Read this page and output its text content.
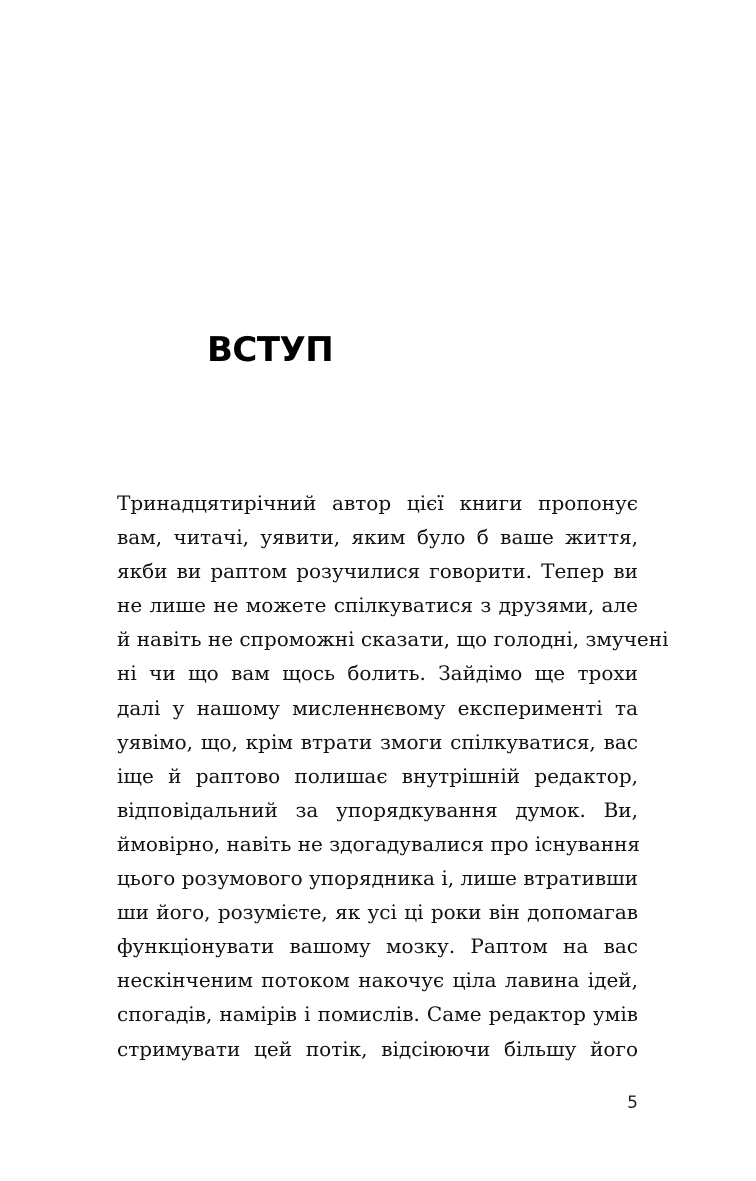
ВСТУП
Тринадцятирічний автор цієї книги пропонує
вам, читачі, уявити, яким було б ваше життя,
якби ви раптом розучилися говорити. Тепер ви
не лише не можете спілкуватися з друзями, але
й навіть не спроможні сказати, що голодні, змучені
ні чи що вам щось болить. Зайдімо ще трохи
далі у нашому мисленнєвому експерименті та
уявімо, що, крім втрати змоги спілкуватися, вас
іще й раптово полишає внутрішній редактор,
відповідальний за упорядкування думок. Ви,
ймовірно, навіть не здогадувалися про існування
цього розумового упорядника і, лише втративши
ши його, розумієте, як усі ці роки він допомагав
функціонувати вашому мозку. Раптом на вас
нескінченим потоком накочує ціла лавина ідей,
спогадів, намірів і помислів. Саме редактор умів
стримувати цей потік, відсіюючи більшу його
5
